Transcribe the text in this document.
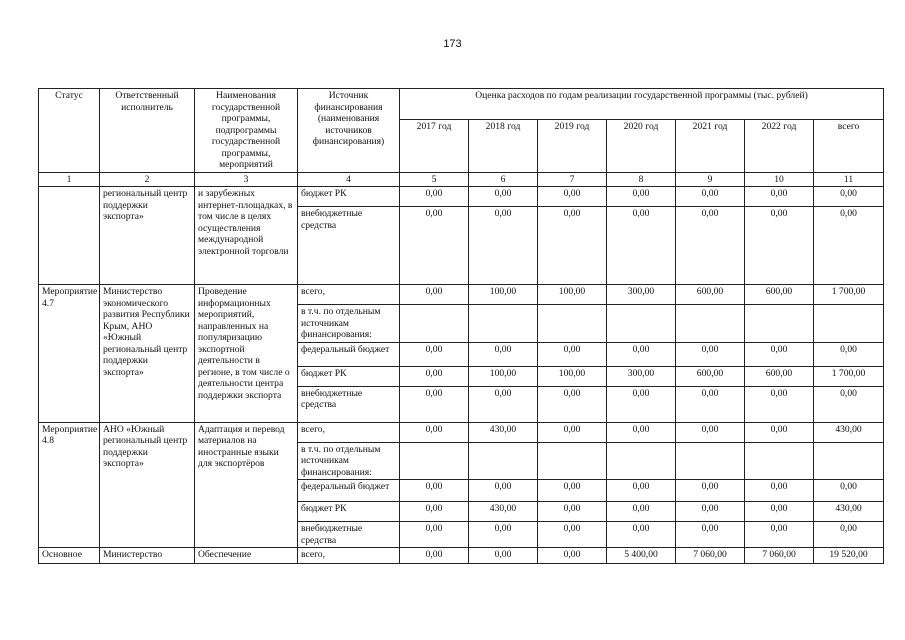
173
Статус	Ответственный исполнитель	Наименования государственной программы, подпрограммы государственной программы, мероприятий	Источник финансирования (наименования источников финансирования)	Оценка расходов по годам реализации государственной программы (тыс. рублей)						
				2017 год	2018 год	2019 год	2020 год	2021 год	2022 год	всего
1	2	3	4	5	6	7	8	9	10	11
	региональный центр поддержки экспорта»	и зарубежных интернет-площадках, в том числе в целях осуществления международной электронной торговли	бюджет РК	0,00	0,00	0,00	0,00	0,00	0,00	0,00
			внебюджетные средства	0,00	0,00	0,00	0,00	0,00	0,00	0,00
Мероприятие 4.7	Министерство экономического развития Республики Крым, АНО «Южный региональный центр поддержки экспорта»	Проведение информационных мероприятий, направленных на популяризацию экспортной деятельности в регионе, в том числе о деятельности центра поддержки экспорта	всего,	0,00	100,00	100,00	300,00	600,00	600,00	1 700,00
			в т.ч. по отдельным источникам финансирования:							
			федеральный бюджет	0,00	0,00	0,00	0,00	0,00	0,00	0,00
			бюджет РК	0,00	100,00	100,00	300,00	600,00	600,00	1 700,00
			внебюджетные средства	0,00	0,00	0,00	0,00	0,00	0,00	0,00
Мероприятие 4.8	АНО «Южный региональный центр поддержки экспорта»	Адаптация и перевод материалов на иностранные языки для экспортёров	всего,	0,00	430,00	0,00	0,00	0,00	0,00	430,00
			в т.ч. по отдельным источникам финансирования:							
			федеральный бюджет	0,00	0,00	0,00	0,00	0,00	0,00	0,00
			бюджет РК	0,00	430,00	0,00	0,00	0,00	0,00	430,00
			внебюджетные средства	0,00	0,00	0,00	0,00	0,00	0,00	0,00
Основное	Министерство	Обеспечение	всего,	0,00	0,00	0,00	5 400,00	7 060,00	7 060,00	19 520,00
